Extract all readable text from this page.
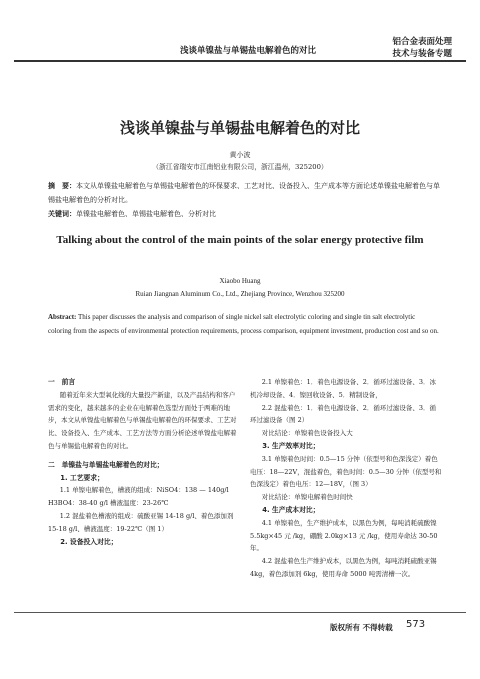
浅谈单镍盐与单锡盐电解着色的对比
铝合金表面处理
技术与装备专题
浅谈单镍盐与单锡盐电解着色的对比
黄小波
（浙江省瑞安市江南铝业有限公司，浙江温州，325200）
摘　要：本文从单镍盐电解着色与单锡盐电解着色的环保要求、工艺对比、设备投入、生产成本等方面论述单镍盐电解着色与单锡盐电解着色的分析对比。
关键词：单镍盐电解着色、单锡盐电解着色、分析对比
Talking about the control of the main points of the solar energy protective film
Xiaobo Huang
Ruian Jiangnan Aluminum Co., Ltd., Zhejiang Province, Wenzhou 325200
Abstract: This paper discusses the analysis and comparison of single nickel salt electrolytic coloring and single tin salt electrolytic coloring from the aspects of environmental protection requirements, process comparison, equipment investment, production cost and so on.

一　前言

随着近年来大型氧化线的大量投产新建，以及产品结构和客户需求的变化，越来越多的企业在电解着色选型方面处于两难的地步，本文从单镍盐电解着色与单锡盐电解着色的环保要求、工艺对比、设备投入、生产成本、工艺方法等方面分析论述单镍盐电解着色与单锡盐电解着色的对比。

二　单镍盐与单锡盐电解着色的对比；

1. 工艺要求；

1.1 单镍电解着色，槽液的组成：NiSO4：138 — 140g/l H3BO4：38-40 g/l 槽液温度：23-26℃

1.2 混盐着色槽液的组成：硫酸亚锡 14-18 g/l、着色添加剂 15-18 g/l、槽液温度：19-22℃（图 1）

2. 设备投入对比；

2.1 单镍着色：1．着色电源设备、2．循环过滤设备、3．冰机冷却设备、4．镍回收设备、5．精制设备，

2.2 混盐着色：1．着色电源设备、2．循环过滤设备、3．循环过滤设备（图 2）

对比结论：单镍着色设备投入大

3. 生产效率对比；

3.1 单镍着色时间：0.5—15 分钟（依型号和色深浅定）着色电压：18—22V，混盐着色，着色时间：0.5—30 分钟（依型号和色深浅定）着色电压：12—18V，（图 3）

对比结论：单镍电解着色时间快

4. 生产成本对比；

4.1 单镍着色，生产维护成本，以黑色为例，每吨消耗硫酸镍 5.5kg×45 元 /kg，硼酸 2.0kg×13 元 /kg，使用寿命达 30-50 年。

4.2 混盐着色生产维护成本，以黑色为例，每吨消耗硫酸亚锡 4kg，着色添加剂 6kg，使用寿命 5000 吨需清槽一次。

版权所有 不得转载 573
